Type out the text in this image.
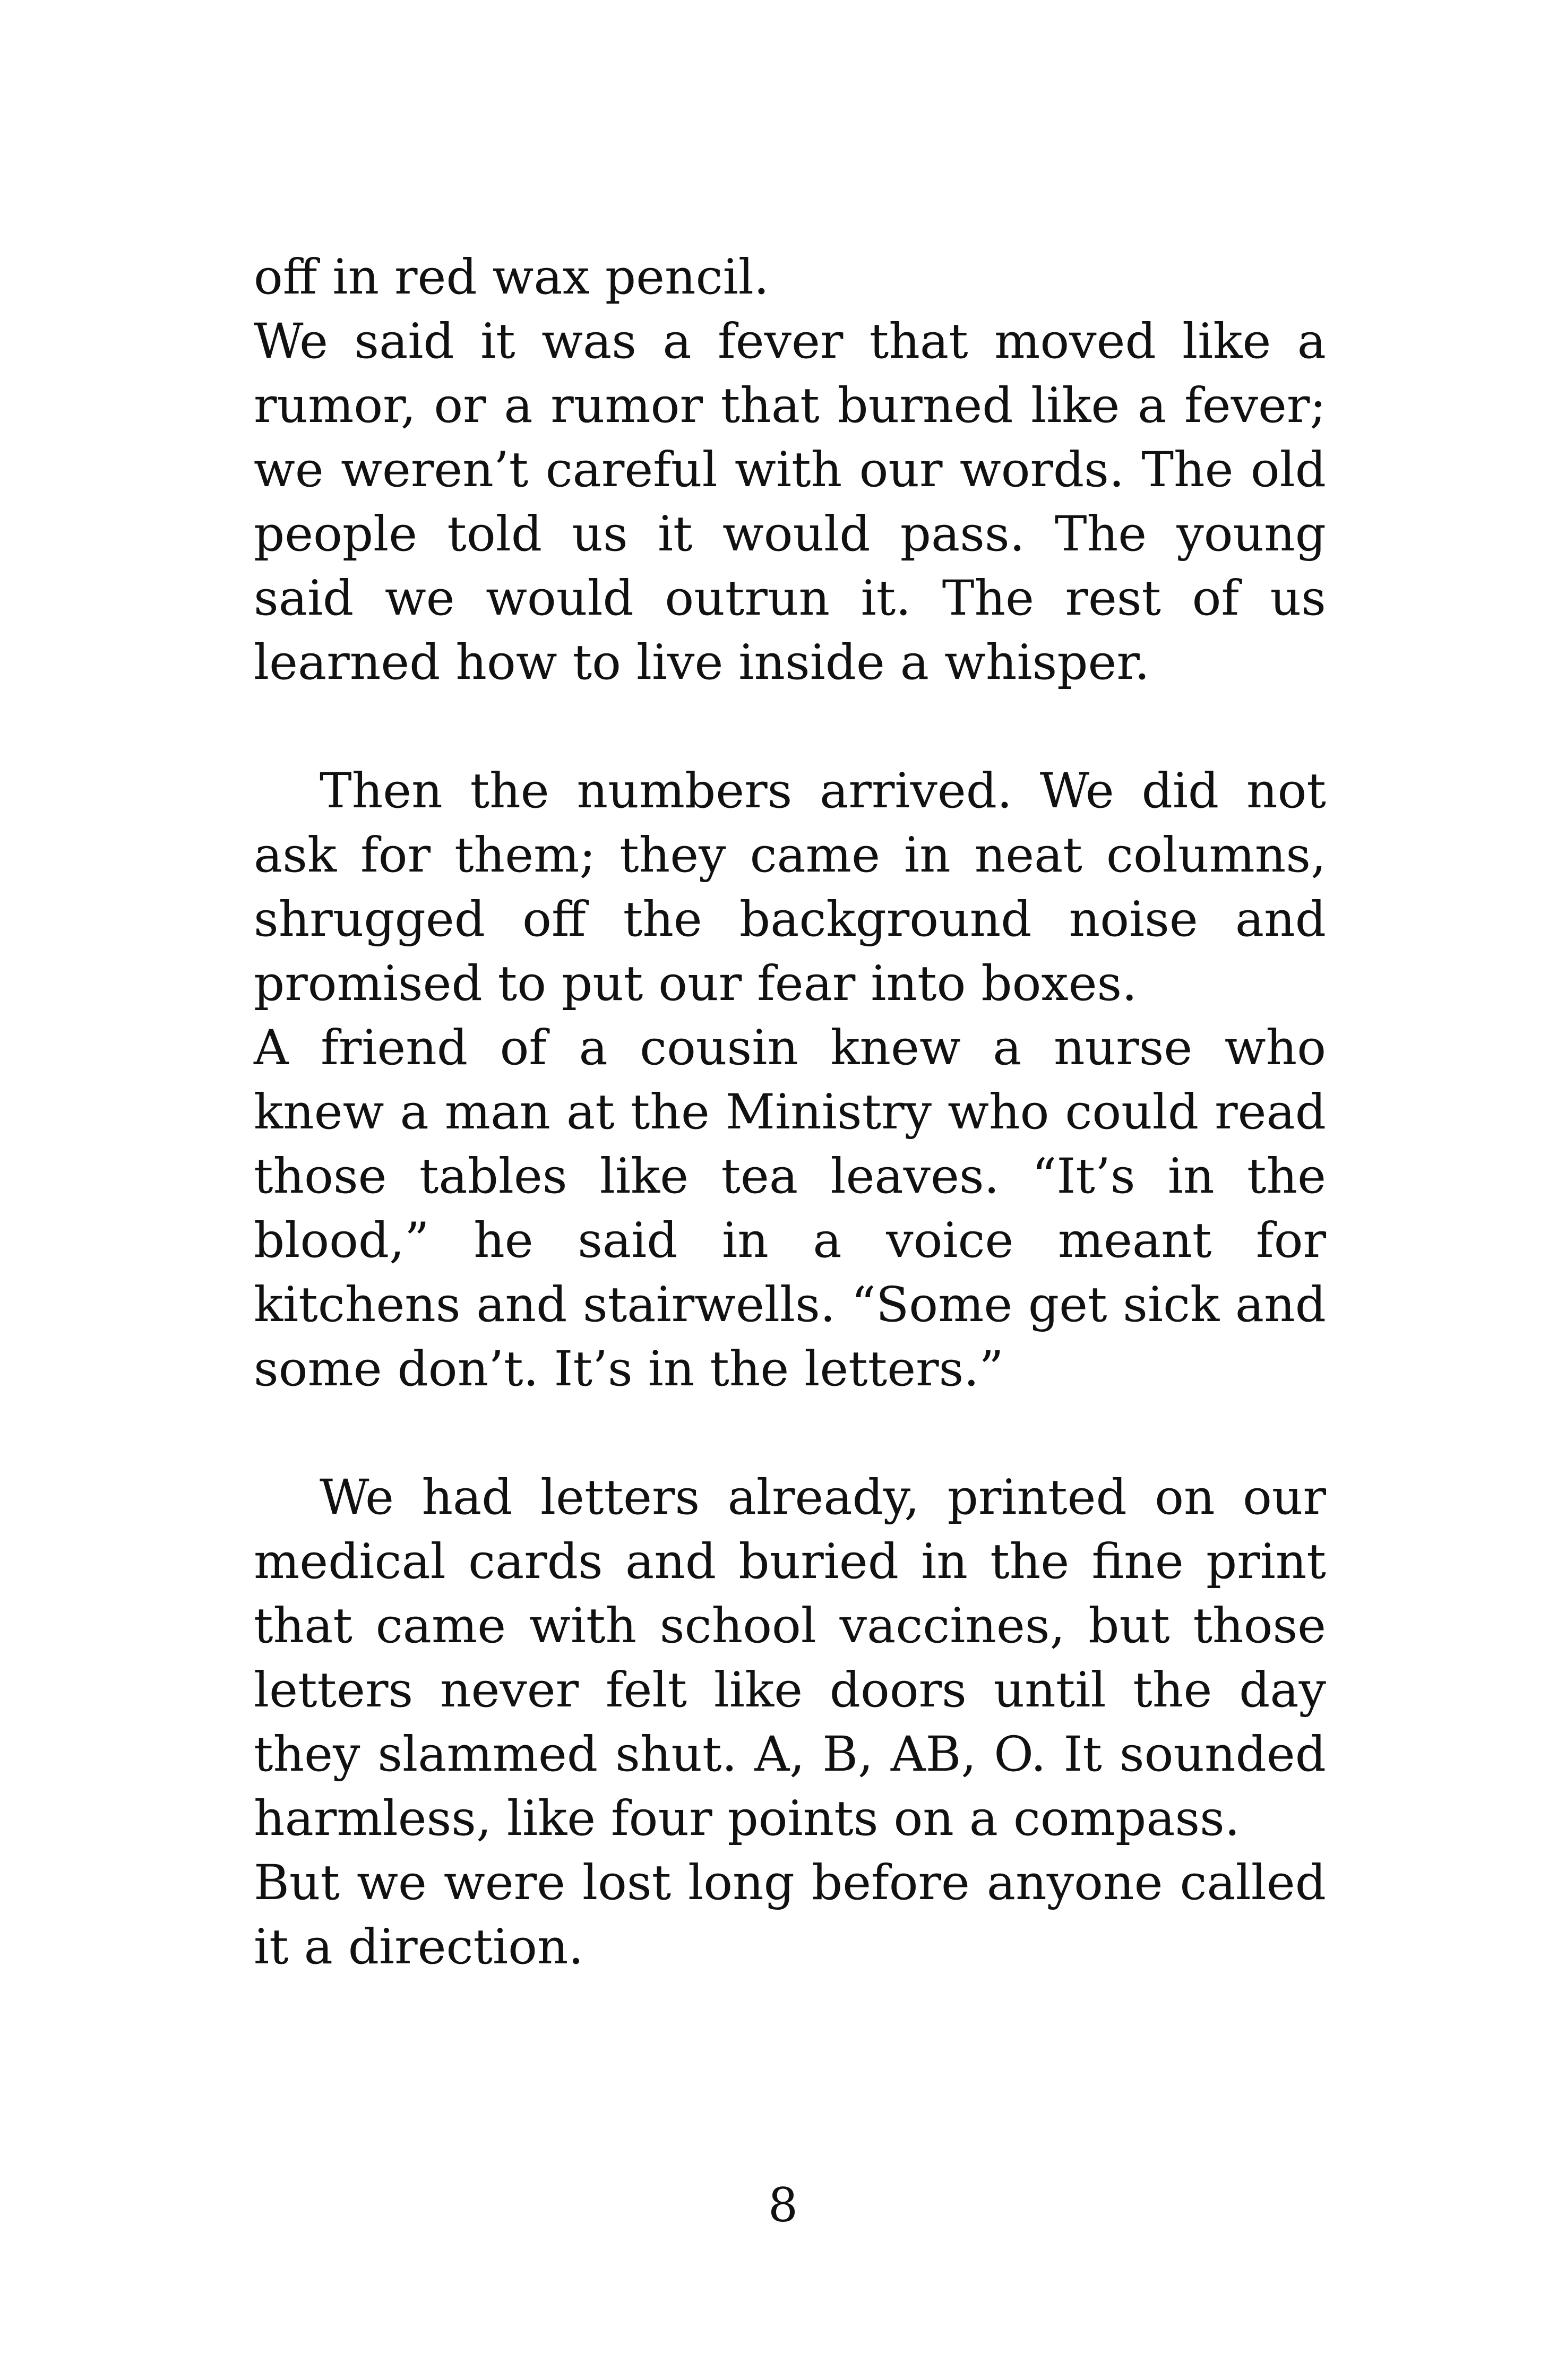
off in red wax pencil.

We said it was a fever that moved like a rumor, or a rumor that burned like a fever; we weren’t careful with our words. The old people told us it would pass. The young said we would outrun it. The rest of us learned how to live inside a whisper.

Then the numbers arrived. We did not ask for them; they came in neat columns, shrugged off the background noise and promised to put our fear into boxes.

A friend of a cousin knew a nurse who knew a man at the Ministry who could read those tables like tea leaves. “It’s in the blood,” he said in a voice meant for kitchens and stairwells. “Some get sick and some don’t. It’s in the letters.”

We had letters already, printed on our medical cards and buried in the fine print that came with school vaccines, but those letters never felt like doors until the day they slammed shut. A, B, AB, O. It sounded harmless, like four points on a compass.

But we were lost long before anyone called it a direction.

8
